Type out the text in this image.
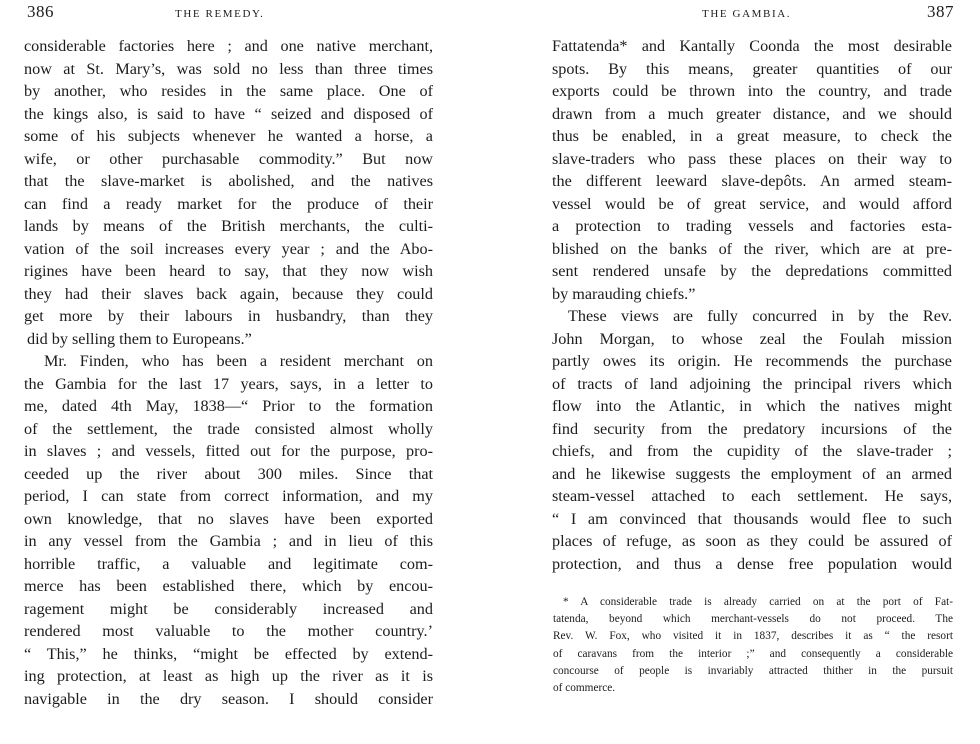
386	THE REMEDY.
considerable factories here ; and one native merchant,
now at St. Mary’s, was sold no less than three times
by another, who resides in the same place. One of
the kings also, is said to have “ seized and disposed of
some of his subjects whenever he wanted a horse, a
wife, or other purchasable commodity.” But now
that the slave-market is abolished, and the natives
can find a ready market for the produce of their
lands by means of the British merchants, the culti-
vation of the soil increases every year ; and the Abo-
rigines have been heard to say, that they now wish
they had their slaves back again, because they could
get more by their labours in husbandry, than they
did by selling them to Europeans.”
Mr. Finden, who has been a resident merchant on
the Gambia for the last 17 years, says, in a letter to
me, dated 4th May, 1838—“ Prior to the formation
of the settlement, the trade consisted almost wholly
in slaves ; and vessels, fitted out for the purpose, pro-
ceeded up the river about 300 miles. Since that
period, I can state from correct information, and my
own knowledge, that no slaves have been exported
in any vessel from the Gambia ; and in lieu of this
horrible traffic, a valuable and legitimate com-
merce has been established there, which by encou-
ragement might be considerably increased and
rendered most valuable to the mother country.’
“ This,” he thinks, “might be effected by extend-
ing protection, at least as high up the river as it is
navigable in the dry season. I should consider
THE GAMBIA.	387
Fattatenda* and Kantally Coonda the most desirable
spots. By this means, greater quantities of our
exports could be thrown into the country, and trade
drawn from a much greater distance, and we should
thus be enabled, in a great measure, to check the
slave-traders who pass these places on their way to
the different leeward slave-depôts. An armed steam-
vessel would be of great service, and would afford
a protection to trading vessels and factories esta-
blished on the banks of the river, which are at pre-
sent rendered unsafe by the depredations committed
by marauding chiefs.”
These views are fully concurred in by the Rev.
John Morgan, to whose zeal the Foulah mission
partly owes its origin. He recommends the purchase
of tracts of land adjoining the principal rivers which
flow into the Atlantic, in which the natives might
find security from the predatory incursions of the
chiefs, and from the cupidity of the slave-trader ;
and he likewise suggests the employment of an armed
steam-vessel attached to each settlement. He says,
“ I am convinced that thousands would flee to such
places of refuge, as soon as they could be assured of
protection, and thus a dense free population would
* A considerable trade is already carried on at the port of Fat-
tatenda, beyond which merchant-vessels do not proceed. The
Rev. W. Fox, who visited it in 1837, describes it as “ the resort
of caravans from the interior ;” and consequently a considerable
concourse of people is invariably attracted thither in the pursuit
of commerce.
